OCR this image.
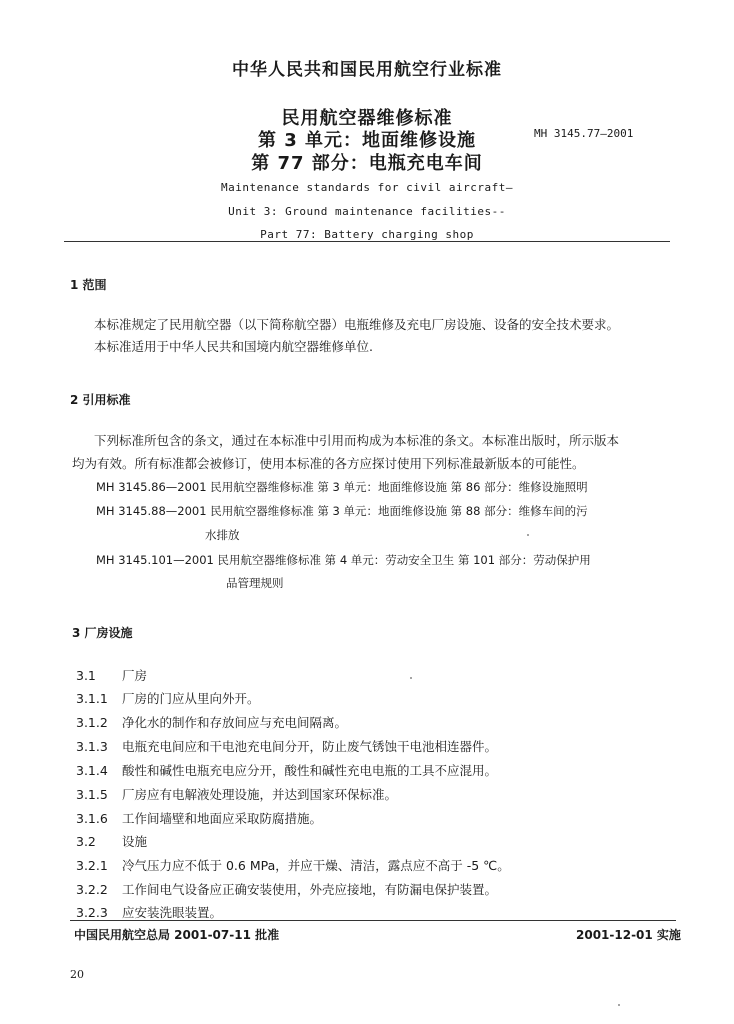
中华人民共和国民用航空行业标准
民用航空器维修标准
第 3 单元：地面维修设施
第 77 部分：电瓶充电车间
MH 3145.77—2001
Maintenance standards for civil aircraft—
Unit 3: Ground maintenance facilities--
Part 77: Battery charging shop
1 范围
本标准规定了民用航空器（以下简称航空器）电瓶维修及充电厂房设施、设备的安全技术要求。
本标准适用于中华人民共和国境内航空器维修单位.
2 引用标准
下列标准所包含的条文，通过在本标准中引用而构成为本标准的条文。本标准出版时，所示版本
均为有效。所有标准都会被修订，使用本标准的各方应探讨使用下列标准最新版本的可能性。
MH 3145.86—2001 民用航空器维修标准 第 3 单元：地面维修设施 第 86 部分：维修设施照明
MH 3145.88—2001 民用航空器维修标准 第 3 单元：地面维修设施 第 88 部分：维修车间的污
水排放
MH 3145.101—2001 民用航空器维修标准 第 4 单元：劳动安全卫生 第 101 部分：劳动保护用
品管理规则
3 厂房设施
3.1 厂房
3.1.1 厂房的门应从里向外开。
3.1.2 净化水的制作和存放间应与充电间隔离。
3.1.3 电瓶充电间应和干电池充电间分开，防止废气锈蚀干电池相连器件。
3.1.4 酸性和碱性电瓶充电应分开，酸性和碱性充电电瓶的工具不应混用。
3.1.5 厂房应有电解液处理设施，并达到国家环保标准。
3.1.6 工作间墙壁和地面应采取防腐措施。
3.2 设施
3.2.1 冷气压力应不低于 0.6 MPa，并应干燥、清洁，露点应不高于 -5 ℃。
3.2.2 工作间电气设备应正确安装使用，外壳应接地，有防漏电保护装置。
3.2.3 应安装洗眼装置。
中国民用航空总局 2001-07-11 批准	2001-12-01 实施
20
